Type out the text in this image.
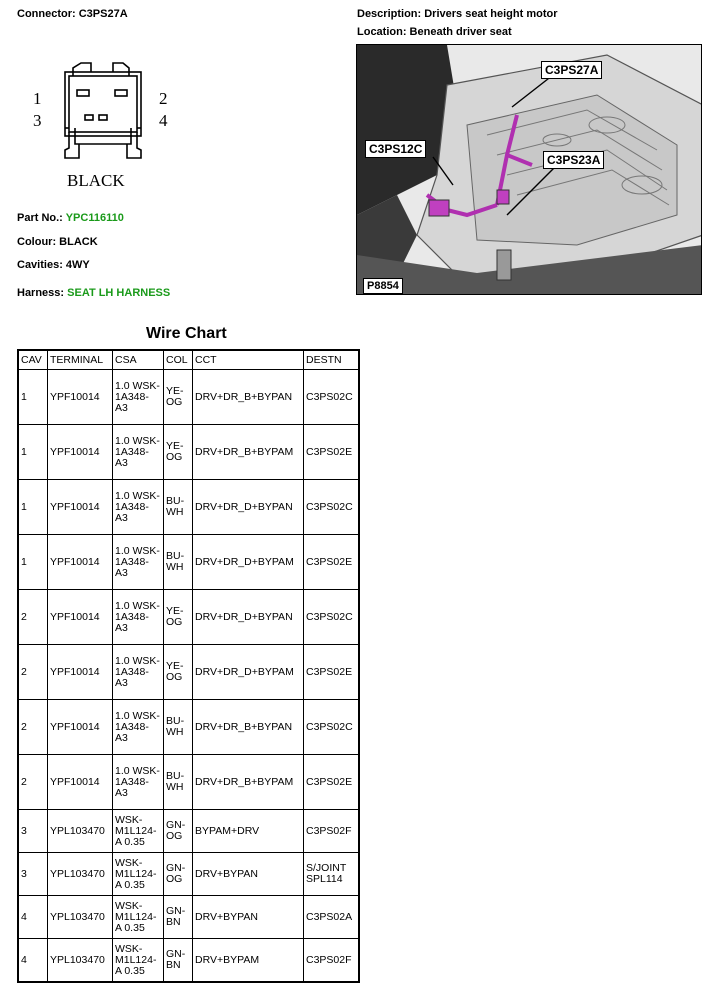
Connector: C3PS27A	Description: Drivers seat height motor
Location: Beneath driver seat
1	2
3	4
BLACK
Part No.: YPC116110
Colour: BLACK
Cavities: 4WY
Harness: SEAT LH HARNESS
C3PS27A
C3PS12C
C3PS23A
P8854
Wire Chart
CAV	TERMINAL	CSA	COL	CCT	DESTN
1	YPF10014	1.0 WSK-1A348-A3	YE-OG	DRV+DR_B+BYPAN	C3PS02C
1	YPF10014	1.0 WSK-1A348-A3	YE-OG	DRV+DR_B+BYPAM	C3PS02E
1	YPF10014	1.0 WSK-1A348-A3	BU-WH	DRV+DR_D+BYPAN	C3PS02C
1	YPF10014	1.0 WSK-1A348-A3	BU-WH	DRV+DR_D+BYPAM	C3PS02E
2	YPF10014	1.0 WSK-1A348-A3	YE-OG	DRV+DR_D+BYPAN	C3PS02C
2	YPF10014	1.0 WSK-1A348-A3	YE-OG	DRV+DR_D+BYPAM	C3PS02E
2	YPF10014	1.0 WSK-1A348-A3	BU-WH	DRV+DR_B+BYPAN	C3PS02C
2	YPF10014	1.0 WSK-1A348-A3	BU-WH	DRV+DR_B+BYPAM	C3PS02E
3	YPL103470	WSK-M1L124-A 0.35	GN-OG	BYPAM+DRV	C3PS02F
3	YPL103470	WSK-M1L124-A 0.35	GN-OG	DRV+BYPAN	S/JOINT SPL114
4	YPL103470	WSK-M1L124-A 0.35	GN-BN	DRV+BYPAN	C3PS02A
4	YPL103470	WSK-M1L124-A 0.35	GN-BN	DRV+BYPAM	C3PS02F
